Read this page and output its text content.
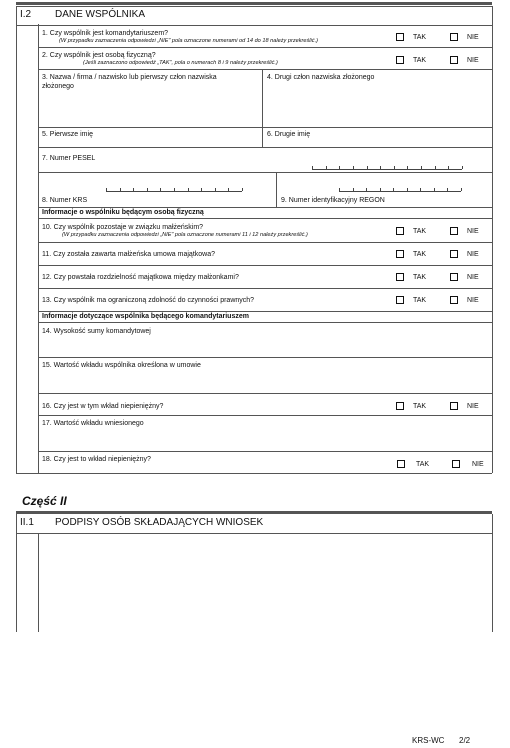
I.2 DANE WSPÓLNIKA
1. Czy wspólnik jest komandytariuszem?
(W przypadku zaznaczenia odpowiedzi „NIE” pola oznaczone numerami od 14 do 18 należy przekreślić.)	TAK	NIE
2. Czy wspólnik jest osobą fizyczną?
(Jeśli zaznaczono odpowiedź „TAK”, pola o numerach 8 i 9 należy przekreślić.)	TAK	NIE
3. Nazwa / firma / nazwisko lub pierwszy człon nazwiska
złożonego
4. Drugi człon nazwiska złożonego
5. Pierwsze imię	6. Drugie imię
7. Numer PESEL
8. Numer KRS	9. Numer identyfikacyjny REGON
Informacje o wspólniku będącym osobą fizyczną
10. Czy wspólnik pozostaje w związku małżeńskim?
(W przypadku zaznaczenia odpowiedzi „NIE” pola oznaczone numerami 11 i 12 należy przekreślić.)	TAK	NIE
11. Czy została zawarta małżeńska umowa majątkowa?	TAK	NIE
12. Czy powstała rozdzielność majątkowa między małżonkami?	TAK	NIE
13. Czy wspólnik ma ograniczoną zdolność do czynności prawnych?	TAK	NIE
Informacje dotyczące wspólnika będącego komandytariuszem
14. Wysokość sumy komandytowej
15. Wartość wkładu wspólnika określona w umowie
16. Czy jest w tym wkład niepieniężny?	TAK	NIE
17. Wartość wkładu wniesionego
18. Czy jest to wkład niepieniężny?
TAK	NIE
Część II
II.1 PODPISY OSÓB SKŁADAJĄCYCH WNIOSEK
KRS-WC 2/2
